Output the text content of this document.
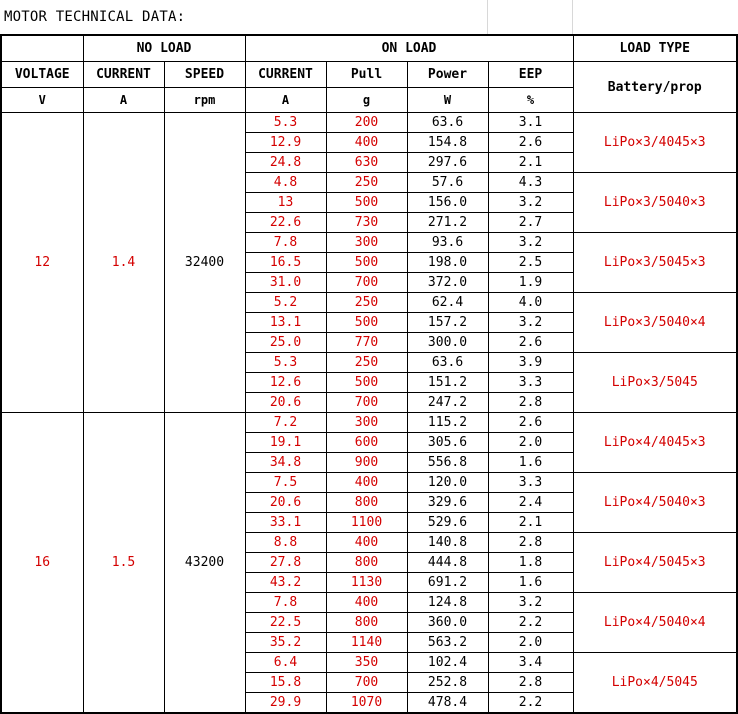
MOTOR TECHNICAL DATA:
	NO LOAD		ON LOAD				LOAD TYPE
VOLTAGE	CURRENT	SPEED	CURRENT	Pull	Power	EEP	Battery/prop
V	A	rpm	A	g	W	%	
12	1.4	32400	5.3	200	63.6	3.1	LiPo×3/4045×3
			12.9	400	154.8	2.6	
			24.8	630	297.6	2.1	
			4.8	250	57.6	4.3	LiPo×3/5040×3
			13	500	156.0	3.2	
			22.6	730	271.2	2.7	
			7.8	300	93.6	3.2	LiPo×3/5045×3
			16.5	500	198.0	2.5	
			31.0	700	372.0	1.9	
			5.2	250	62.4	4.0	LiPo×3/5040×4
			13.1	500	157.2	3.2	
			25.0	770	300.0	2.6	
			5.3	250	63.6	3.9	LiPo×3/5045
			12.6	500	151.2	3.3	
			20.6	700	247.2	2.8	
16	1.5	43200	7.2	300	115.2	2.6	LiPo×4/4045×3
			19.1	600	305.6	2.0	
			34.8	900	556.8	1.6	
			7.5	400	120.0	3.3	LiPo×4/5040×3
			20.6	800	329.6	2.4	
			33.1	1100	529.6	2.1	
			8.8	400	140.8	2.8	LiPo×4/5045×3
			27.8	800	444.8	1.8	
			43.2	1130	691.2	1.6	
			7.8	400	124.8	3.2	LiPo×4/5040×4
			22.5	800	360.0	2.2	
			35.2	1140	563.2	2.0	
			6.4	350	102.4	3.4	LiPo×4/5045
			15.8	700	252.8	2.8	
			29.9	1070	478.4	2.2	
